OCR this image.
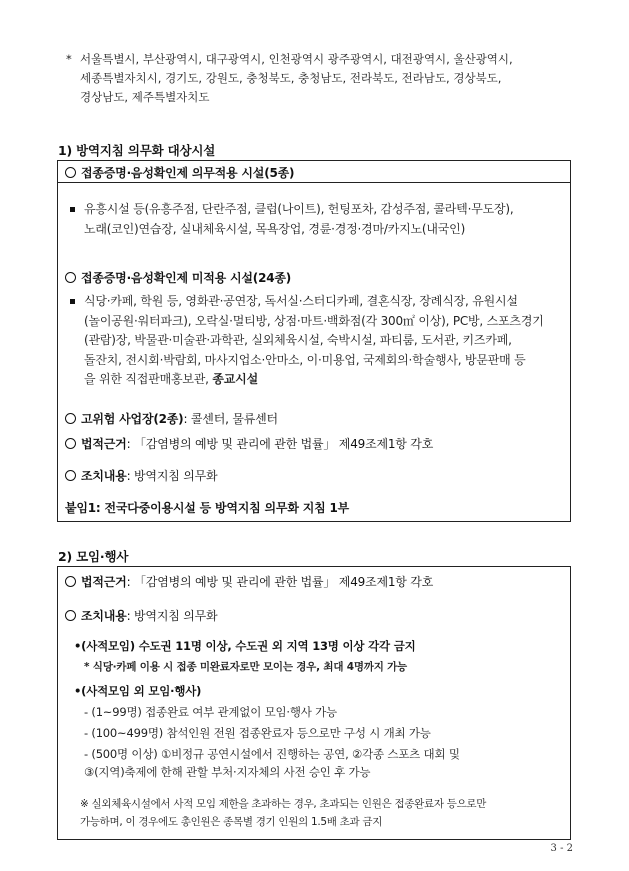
* 서울특별시, 부산광역시, 대구광역시, 인천광역시 광주광역시, 대전광역시, 울산광역시,
세종특별자치시, 경기도, 강원도, 충청북도, 충청남도, 전라북도, 전라남도, 경상북도,
경상남도, 제주특별자치도
1) 방역지침 의무화 대상시설
접종증명·음성확인제 의무적용 시설(5종)
유흥시설 등(유흥주점, 단란주점, 클럽(나이트), 헌팅포차, 감성주점, 콜라텍·무도장),
노래(코인)연습장, 실내체육시설, 목욕장업, 경륜·경정·경마/카지노(내국인)
접종증명·음성확인제 미적용 시설(24종)
식당·카페, 학원 등, 영화관·공연장, 독서실·스터디카페, 결혼식장, 장례식장, 유원시설
(놀이공원·워터파크), 오락실·멀티방, 상점·마트·백화점(각 300㎡ 이상), PC방, 스포츠경기
(관람)장, 박물관·미술관·과학관, 실외체육시설, 숙박시설, 파티룸, 도서관, 키즈카페,
돌잔치, 전시회·박람회, 마사지업소·안마소, 이·미용업, 국제회의·학술행사, 방문판매 등
을 위한 직접판매홍보관, 종교시설
고위험 사업장(2종): 콜센터, 물류센터
법적근거: 「감염병의 예방 및 관리에 관한 법률」 제49조제1항 각호
조치내용: 방역지침 의무화
붙임1: 전국다중이용시설 등 방역지침 의무화 지침 1부
2) 모임·행사
법적근거: 「감염병의 예방 및 관리에 관한 법률」 제49조제1항 각호
조치내용: 방역지침 의무화
•(사적모임) 수도권 11명 이상, 수도권 외 지역 13명 이상 각각 금지
* 식당·카페 이용 시 접종 미완료자로만 모이는 경우, 최대 4명까지 가능
•(사적모임 외 모임·행사)
- (1~99명) 접종완료 여부 관계없이 모임·행사 가능
- (100~499명) 참석인원 전원 접종완료자 등으로만 구성 시 개최 가능
- (500명 이상) ①비정규 공연시설에서 진행하는 공연, ②각종 스포츠 대회 및
③(지역)축제에 한해 관할 부처·지자체의 사전 승인 후 가능
※ 실외체육시설에서 사적 모임 제한을 초과하는 경우, 초과되는 인원은 접종완료자 등으로만
가능하며, 이 경우에도 총인원은 종목별 경기 인원의 1.5배 초과 금지
3 - 2
